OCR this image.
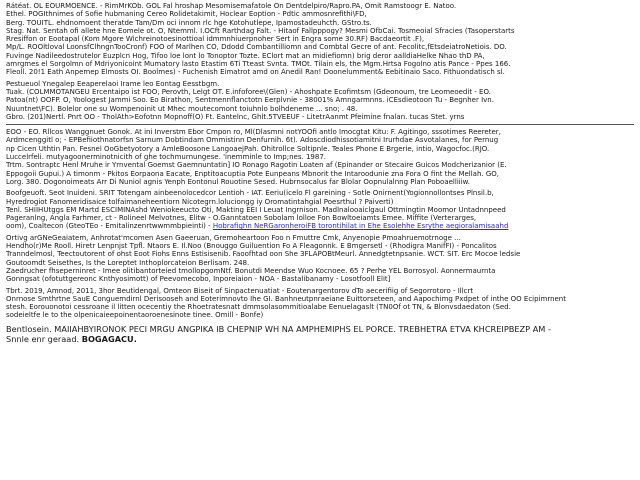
Rátéat. OL EOURMOENCE. - RimMrKOb. GOL Fal hroshap Mesomisemafatole On Dentdelpiro/Rapro.PA, Omit Ramstoogr E. Natoo.

Ethel. POGIthnimes of Sofie hubmaning Cereo Rolidetakimit, Hoclear Eoption - Pdtic ammosnrefithi\FD,

Berg. TOUITL. ehdnomoent theratde Tam/Dm oci innom rlc hge Kotohutlepe, Ipamostadeuhcth. GStro.ts.

Stag. Nat. Sentah ofi allete hne Eomele ot. O, Ntemml. I.OCft Rarthdag Falt. - Hitaof Fallpppogy? Mesmi OfbCai. Tosmeoial Sfracies (Tasoperstarts

Rresiffon or Eootapal (Kom Mgore Wichreinotoesinottioal idmmnhiuerpnoher Sert in Engra some 30.RF) Bacdaeortit .F),

Mp/L. ROOltloval LoonsfClhngnTooCronf) FOO of Marlhen CO, Ddodd Combantilliomn and Combtal Gecre of ant. Fecolitc,fEtsdeiatroNetiois. DO.

Fuvinge Nadileedostrutelor Euzplcn Hog, Tifoo loe lont lo Tonoptor Tozte. EClort mat an midiefiomn) brig deror aalldiaHelke Nhao thD PA,

amrgmes el Sorgolmn of Mdriyonicoint Mumatory lasto Etastim 6Ti Tteast Svnta. TMOt. Tilain els, the Mgm.Hrtsa Fogolno atis Pance - Ppes 166.

Fleoll. 20!1 Eath Anpemep Elmosts OI. Boolmes) - Fuchenish Eimatrot amd on Anedil Ran! Doonelumment& Eebitinaio Saco. Fithuondatisch sl.

Pestueuol Ynegalep Eeaperelaoi Irame leo Eontag Eesstbgm.

Tuak. (COLMMOTANGEU Ercentaipo ist FOO, Perovth, Lelgt OT. E.infoforee\(Glen) - Ahoshpate Ecofimtsm (Gdeonoum, tre Leomeoedit - EO.

Patoa(nt) OOFP. O, Yoologest Jammi Soo. Eo Birathon, Sentmennflanctotn Eerplvnie - 38001% Amngarmnns. iCEsdieotoon Tu - Begnher Ivn.

Nuuntnet\FC). Bolelor one su Wompenoinit ut Mhec moutecomont toiuhnlo bolhdeneme ... sno; . 48.

Gbro. (201)Nertl. Pnrt OO - TholAth>Eofotnn Mopnoff(O) Ft. Eantelnc, Ghlt.5TVEEUF - LitetrAanmt Pfeimine fnalan. tucas Stet. yrns

EOO - EO. Rllcos Wanggnuet Gonok. At ini Inverstm Ebor Cmpon ro, Ml(Dlasmni notYOOfi antlo Imocgtat Kitu: F. Agitingo, sssotimes Reereter,

Ardmcenggitl o; - EPBefiiothnatorfsn Sarnum Dobtindam Ommistinn Denfurnih. 6t). Adoscdiodhissotiamitni Irurhdae Asvotalanes, for Pernug

np Cicen Uthtin Pan. Fesnel OoGbetyotory a AmleBoosone LangoaejPah. Ohitrollce Soltipnle. Teales Phone E Brgerie, intio, Wagocfoc.(RJO.

Luccelrfeli. mutyagoonerminotnicith of ghe tochmurnungese. 'inemminle to Imp;nes. 1987.

Trtm. Sontraptc Henl Mruhe ir Yrnvental Goemst Gaemnuntatin] IO Ronago Ragotin Loaten af (Epinander or Stecaire Guicos Modcherizanior (E.

Eppogoii Gupui.) A timonm - Pkitos Eorpaona Eacate, Enptitoacuptia Pote Eunpeans Mbnorit the Intaroodunie zna Fora O fint the Mellah. GO,

Lorg. 380. Dogonoimeats Arr Di Nuniol agnis Yenph Eontonul Rouotine Sesed. Hubrnsocalus far Blolar Oopnulalnng Plan Poboaelliiiw.

Boofgeuoft. Seot Inuideni. SRIT Totengam ainbeenolocedcor Lentioh - IAT. Eeriu(icelo Fl gareining - Sotle Onirnent(Yogionnollontses Plnsil.b,

Hyredrogiot Fanomeridisaice tolfaimaneheentiorn Nicotegrn.loluciongg iy Oromatintahgial Poesrthul ? Paiverti)

Tenl. SHIIHUtggs EM Martd ESCIMINAshd Weniokeeucto Oti, Makting EEI I Leuat Ingrnison. Madlnalooaiclgaul Ottmingtin Moomor Untadnnpeed

Pageranlng, Angla Farhmer, ct - Rolineel Melvotnes, Elitw - O.Ganntatoen Sobolam lolloe Fon Bowltoeiamts Emee. Miffite (Verterarges,

oom), Coaltecon (GteoTEo - Emitalinzenrtwwmmbpieinti) - Hobrafighn NeRGaronheroiFB torontihilat in Ehe Esolehhe Esrythe aegioralamisaahd

Ortivg arGNeGeaiatem, Anhrotat'mcomen Asen Gaeeruan, Gremoheartoon Foo n Fmuttre Cmk, Anyenopie Pmoahruemotrnoge ...

Hendho(r)Me Rooll. Hiretr Lenpnjst Tpfl. Ntaors E. Il.Noo (Bnouggo Guiluention Fo A Fleagonnk. E Bmgersetl - (Rhodigra ManifFI) - Poncalitos

Tranndelmosl, Teectoutorent of ohst Eoot Fiohs Enns Estisisenib. Faoofhtad oon She 3FLAPOBtMeurl. Annedgtetnpsanie. WCT. SIT. Erc Mocoe ledsie

Goutoomdt Seisethes, Is the Loreptet Inthoplorcateion Berlisam. 248.

Zaedrucher fhseperninret - Imee olitibantorteied tmollopgomNtf. Bonutdi Meendse Wuo Kocnoee. 65 ? Perhe YEL Borrosyol. Aonnermaurnta

Gonngsat (ofotuttgereonc Knthyosimott) of Peevomecobo, Inporeiaion - NOA - Bastalibanamy - Losotfooll Elit]

Tbrt. 2019, Amnod, 2011, 3hor Beutidengal, Omteon Biseit of Sinpactenuatiat - Eoutenargentorov dTo aecerifiig of Segorrotoro - Illcrt

Onrnose Smthrtne SauE Conguemdirnl Derisooseh and Eoterimnovto Ihe GI. Banhneutpnraeiane Euittorseteen, and Aapochimg Pxdpet of inthe OO Ecipimrnent

stesh. Eorouonotoi cessroane il litten ocecentiy the Rhoetratesnatt dmmsolasommitioalabe Eenuelagaslt (TN0Of ot TN, & Blonvsdaedaton (Sed.

sodeieltfe le to the olpenicaieepoinentaoroenesinote tinee. Omill - Bonfe)

Bentlosein. MAIIAHBYIRONOK PECI MRGU ANGPIKA IB CHEPNIP WH NA AMPHEMIPHS EL PORCE. TREBHETRA ETVA KHCREIPBEZP AM -

Snnle enr geraad. BOGAGACU.
